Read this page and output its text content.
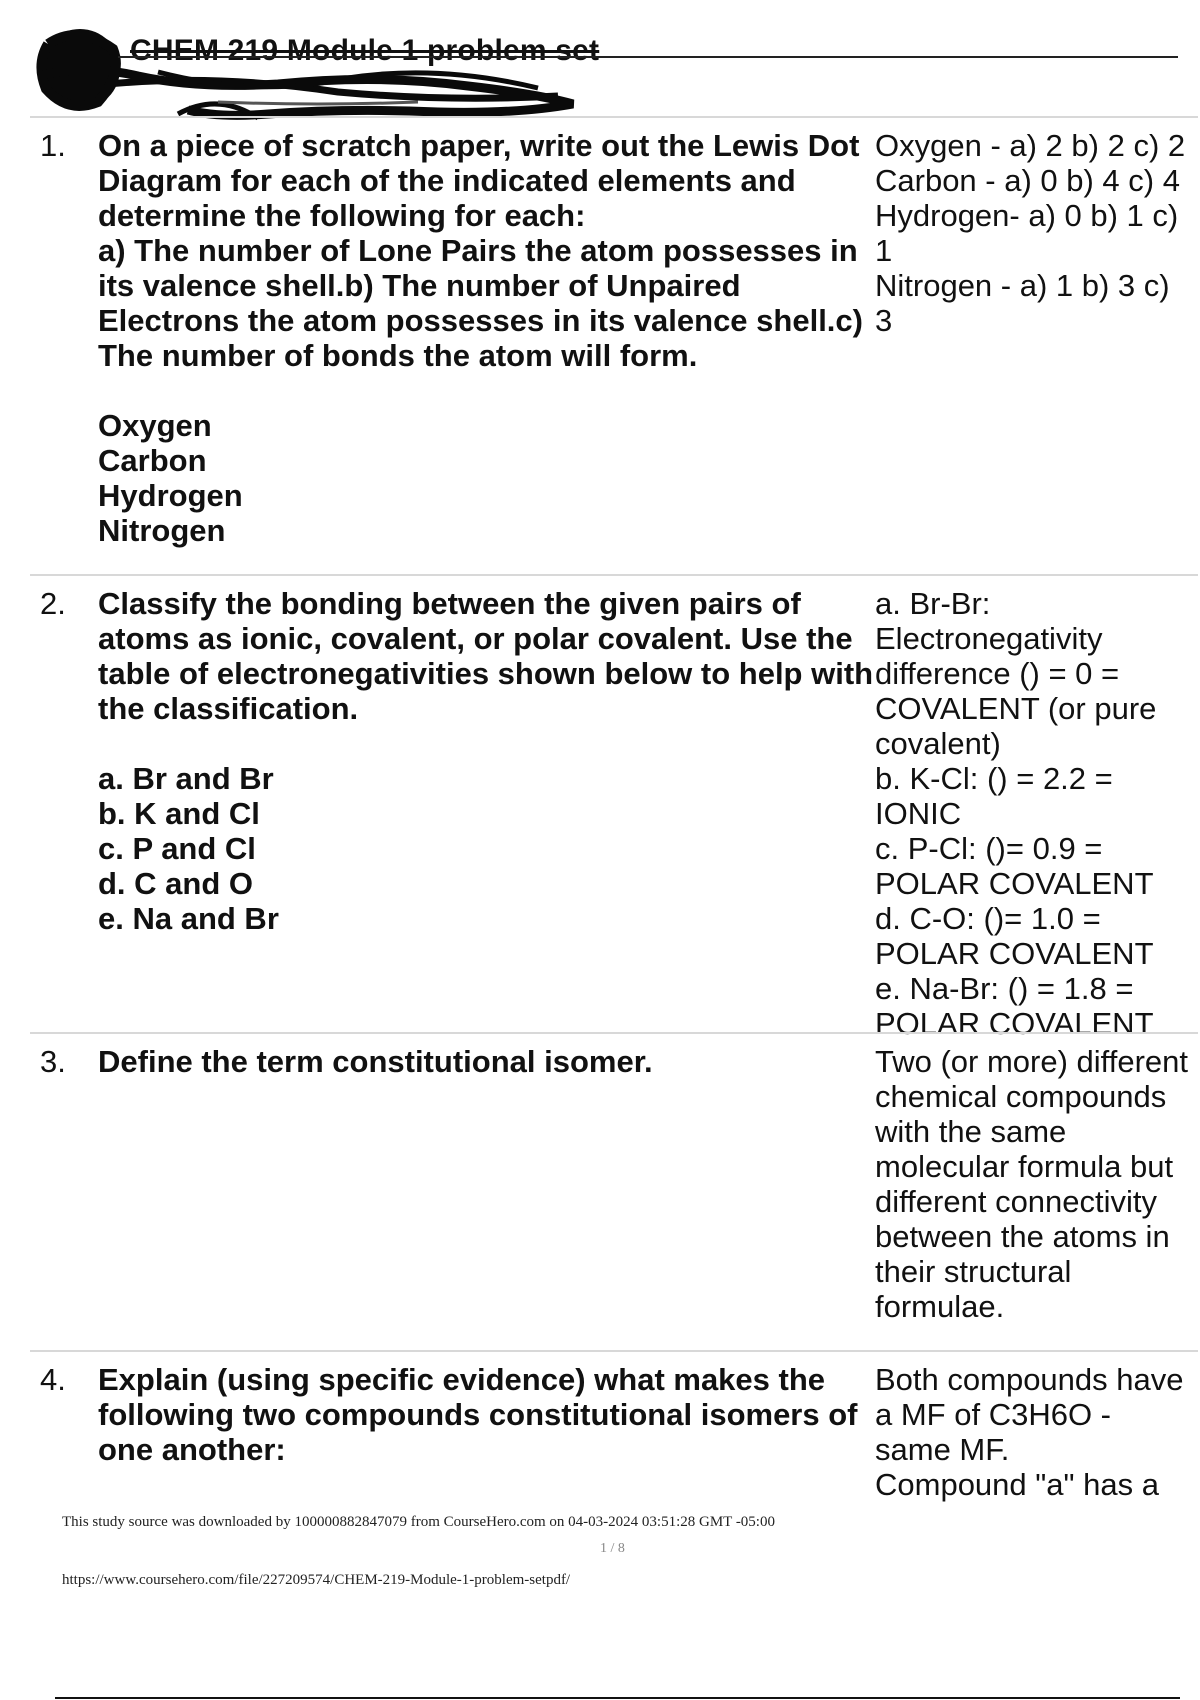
CHEM 219 Module 1 problem set
1. On a piece of scratch paper, write out the Lewis Dot Diagram for each of the indicated elements and determine the following for each:

a) The number of Lone Pairs the atom possesses in its valence shell.b) The number of Unpaired Electrons the atom possesses in its valence shell.c) The number of bonds the atom will form.

Oxygen

Carbon

Hydrogen

Nitrogen

Oxygen - a) 2 b) 2 c) 2

Carbon - a) 0 b) 4 c) 4

Hydrogen- a) 0 b) 1 c) 1

Nitrogen - a) 1 b) 3 c) 3

2. Classify the bonding between the given pairs of atoms as ionic, covalent, or polar covalent. Use the table of electronegativities shown below to help with the classification.

a. Br and Br

b. K and Cl

c. P and Cl

d. C and O

e. Na and Br

a. Br-Br: Electronegativity difference () = 0 = COVALENT (or pure covalent)

b. K-Cl: () = 2.2 = IONIC

c. P-Cl: ()= 0.9 = POLAR COVALENT

d. C-O: ()= 1.0 = POLAR COVALENT

e. Na-Br: () = 1.8 = POLAR COVALENT

3. Define the term constitutional isomer.	Two (or more) different chemical compounds with the same molecular formula but different connectivity between the atoms in their structural formulae.

4. Explain (using specific evidence) what makes the following two compounds constitutional isomers of one another:

Both compounds have a MF of C3H6O - same MF.

Compound "a" has a

This study source was downloaded by 100000882847079 from CourseHero.com on 04-03-2024 03:51:28 GMT -05:00
1 / 8
https://www.coursehero.com/file/227209574/CHEM-219-Module-1-problem-setpdf/
